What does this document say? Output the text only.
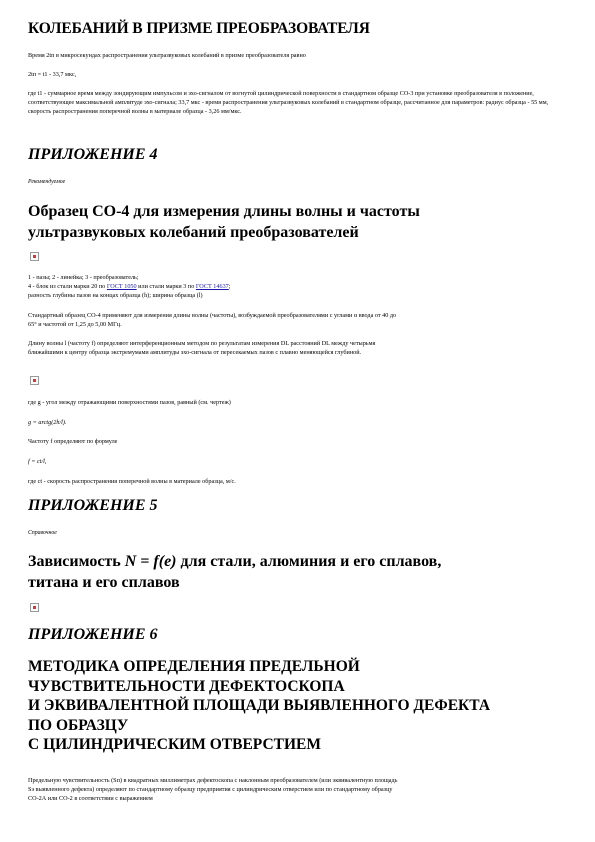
КОЛЕБАНИЙ В ПРИЗМЕ ПРЕОБРАЗОВАТЕЛЯ
Время 2tп в микросекундах распространения ультразвуковых колебаний в призме преобразователя равно
2tп = t1 - 33,7 мкс,
где t1 - суммарное время между зондирующим импульсом и эхо-сигналом от вогнутой цилиндрической поверхности в стандартном образце СО-3 при установке преобразователя в положение, соответствующее максимальной амплитуде эхо-сигнала; 33,7 мкс - время распространения ультразвуковых колебаний в стандартном образце, рассчитанное для параметров: радиус образца - 55 мм, скорость распространения поперечной волны в материале образца - 3,26 мм/мкс.
ПРИЛОЖЕНИЕ 4
Рекомендуемое
Образец СО-4 для измерения длины волны и частоты
ультразвуковых колебаний преобразователей
1 - пазы; 2 - линейка; 3 - преобразователь;
4 - блок из стали марки 20 по ГОСТ 1050 или стали марки 3 по ГОСТ 14637;
разность глубины пазов на концах образца (h); ширина образца (l)
Стандартный образец СО-4 применяют для измерения длины волны (частоты), возбуждаемой преобразователями с углами α ввода от 40 до
65° и частотой от 1,25 до 5,00 МГц.
Длину волны l (частоту f) определяют интерференционным методом по результатам измерения DL расстояний DL между четырьмя
ближайшими к центру образца экстремумами амплитуды эхо-сигнала от пересекаемых пазов с плавно меняющейся глубиной.
где g - угол между отражающими поверхностями пазов, равный (см. чертеж)
g = arctg(2h/l).
Частоту f определяют по формуле
f = ct/l,
где ct - скорость распространения поперечной волны в материале образца, м/с.
ПРИЛОЖЕНИЕ 5
Справочное
Зависимость N = f(e) для стали, алюминия и его сплавов,
титана и его сплавов
ПРИЛОЖЕНИЕ 6
МЕТОДИКА ОПРЕДЕЛЕНИЯ ПРЕДЕЛЬНОЙ
ЧУВСТВИТЕЛЬНОСТИ ДЕФЕКТОСКОПА
И ЭКВИВАЛЕНТНОЙ ПЛОЩАДИ ВЫЯВЛЕННОГО ДЕФЕКТА
ПО ОБРАЗЦУ
С ЦИЛИНДРИЧЕСКИМ ОТВЕРСТИЕМ
Предельную чувствительность (Sп) в квадратных миллиметрах дефектоскопа с наклонным преобразователем (или эквивалентную площадь
Sэ выявленного дефекта) определяют по стандартному образцу предприятия с цилиндрическим отверстием или по стандартному образцу
СО-2А или СО-2 в соответствии с выражением
